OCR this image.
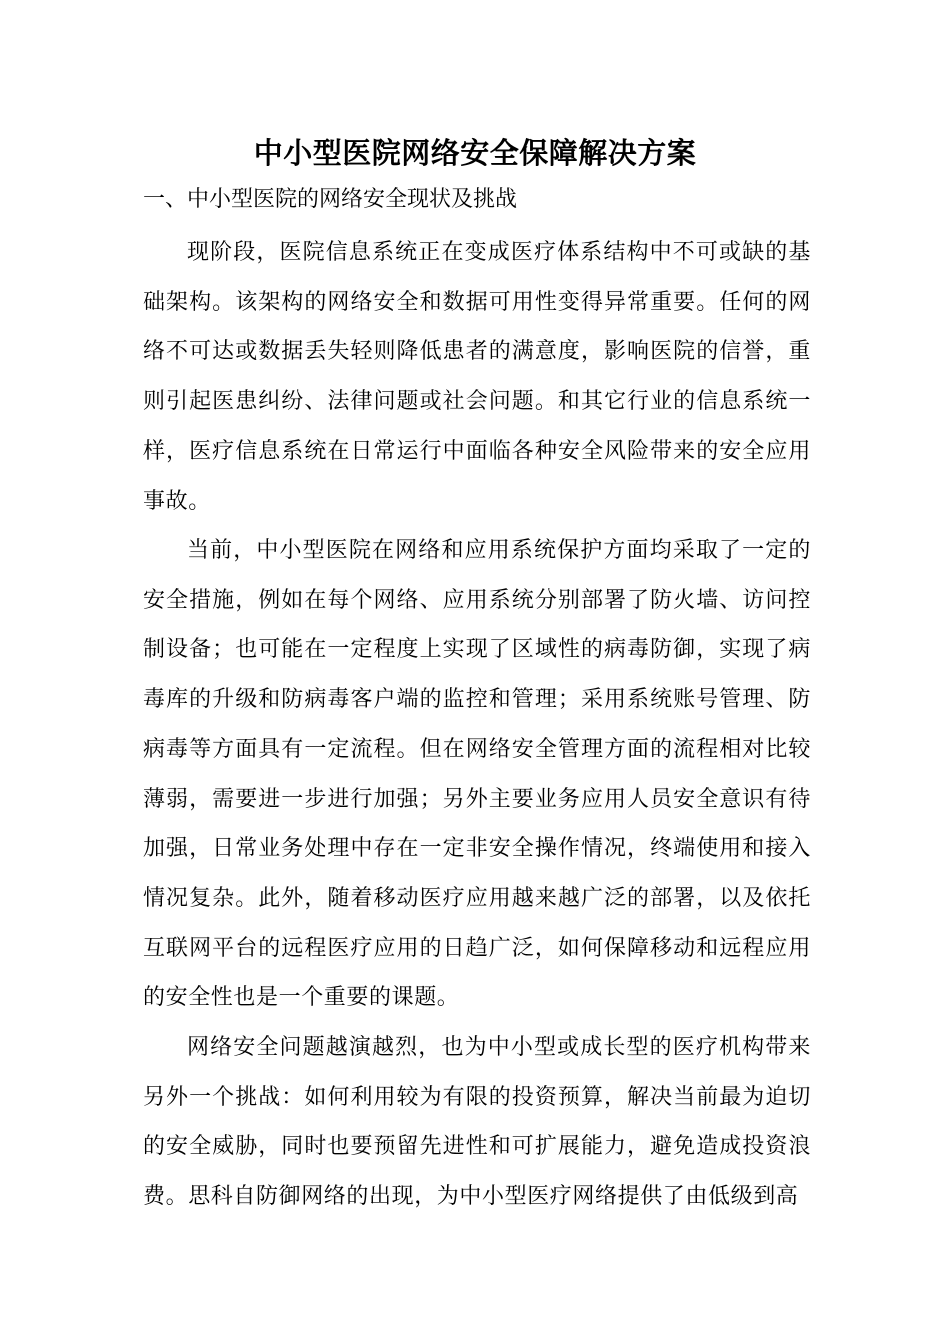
中小型医院网络安全保障解决方案
一、中小型医院的网络安全现状及挑战

现阶段，医院信息系统正在变成医疗体系结构中不可或缺的基础架构。该架构的网络安全和数据可用性变得异常重要。任何的网络不可达或数据丢失轻则降低患者的满意度，影响医院的信誉，重则引起医患纠纷、法律问题或社会问题。和其它行业的信息系统一样，医疗信息系统在日常运行中面临各种安全风险带来的安全应用事故。

当前，中小型医院在网络和应用系统保护方面均采取了一定的安全措施，例如在每个网络、应用系统分别部署了防火墙、访问控制设备；也可能在一定程度上实现了区域性的病毒防御，实现了病毒库的升级和防病毒客户端的监控和管理；采用系统账号管理、防病毒等方面具有一定流程。但在网络安全管理方面的流程相对比较薄弱，需要进一步进行加强；另外主要业务应用人员安全意识有待加强，日常业务处理中存在一定非安全操作情况，终端使用和接入情况复杂。此外，随着移动医疗应用越来越广泛的部署，以及依托互联网平台的远程医疗应用的日趋广泛，如何保障移动和远程应用的安全性也是一个重要的课题。

网络安全问题越演越烈，也为中小型或成长型的医疗机构带来另外一个挑战：如何利用较为有限的投资预算，解决当前最为迫切的安全威胁，同时也要预留先进性和可扩展能力，避免造成投资浪费。思科自防御网络的出现，为中小型医疗网络提供了由低级到高
